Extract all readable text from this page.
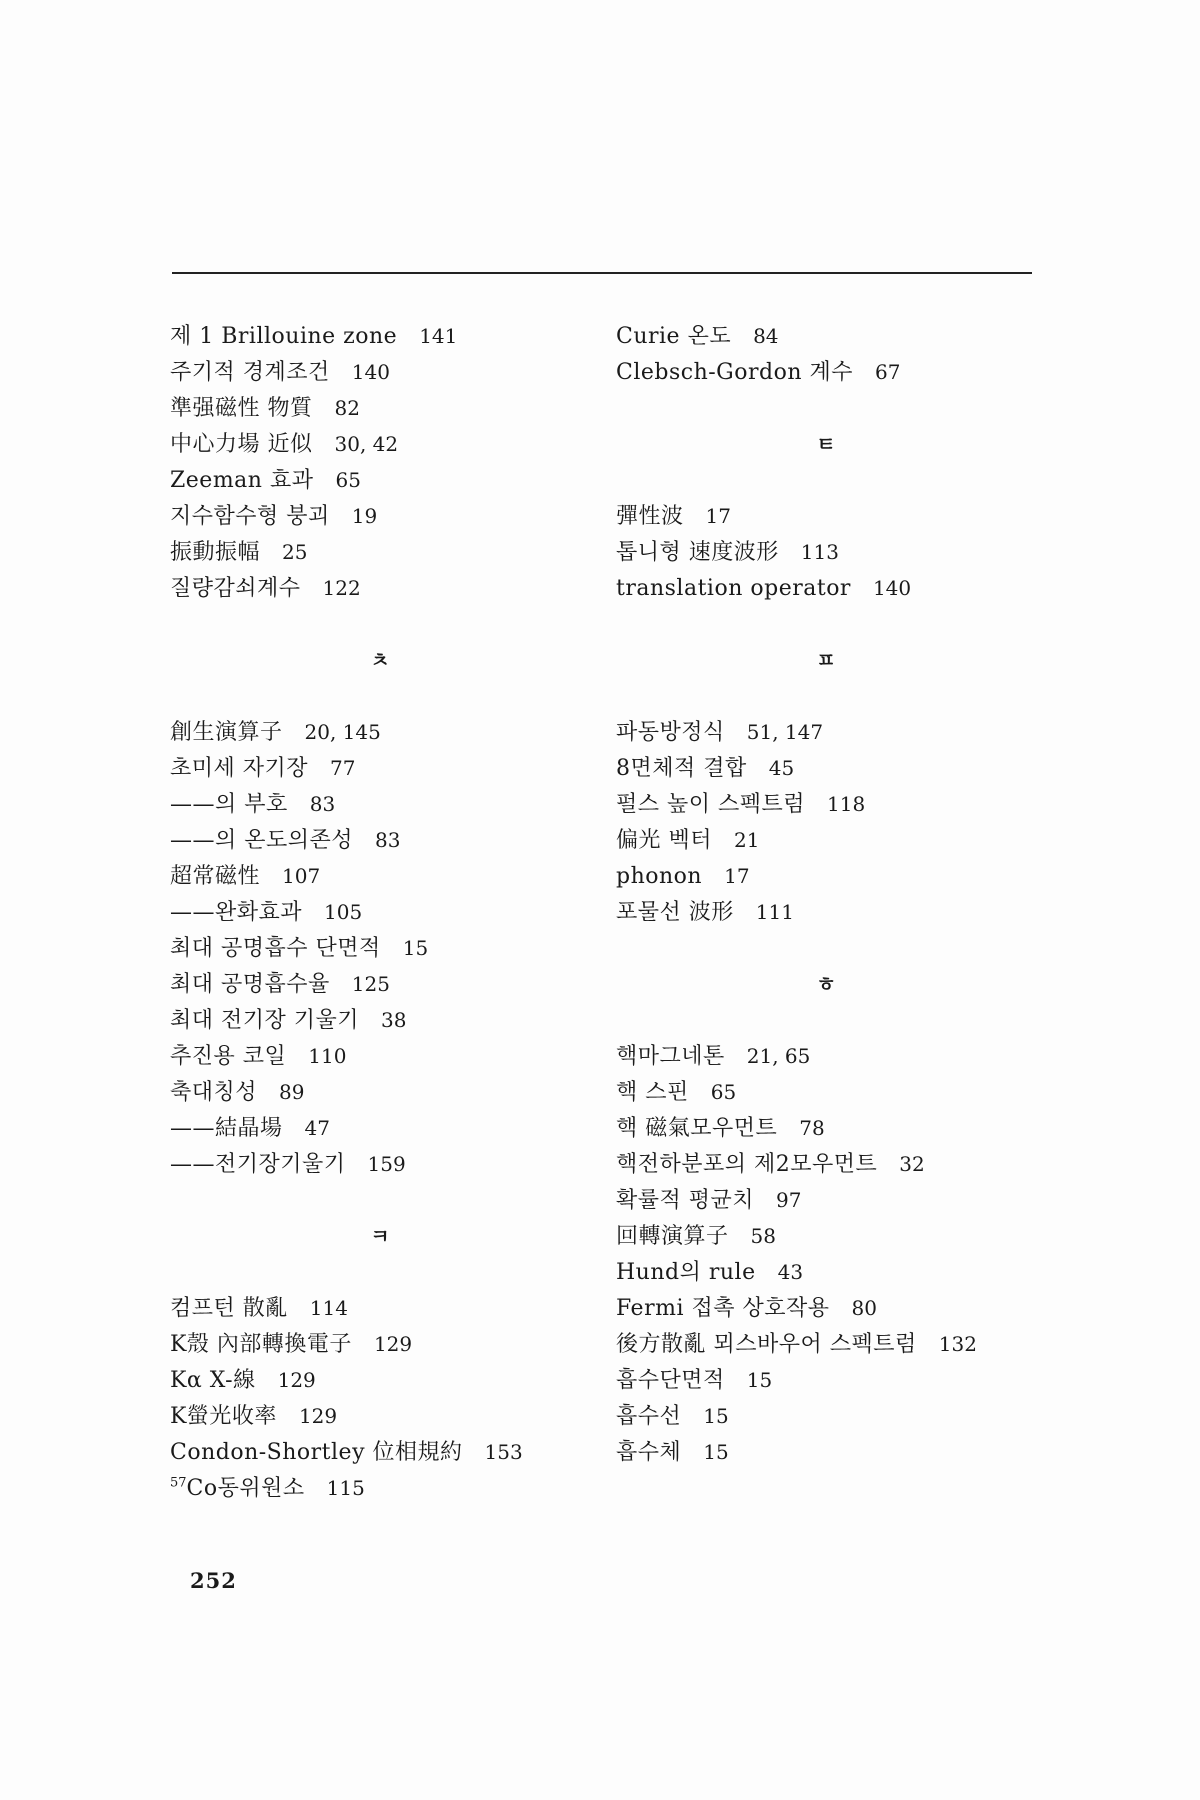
제 1 Brillouine zone 141
주기적 경계조건 140
準强磁性 物質 82
中心力場 近似 30, 42
Zeeman 효과 65
지수함수형 붕괴 19
振動振幅 25
질량감쇠계수 122
ㅊ
創生演算子 20, 145
초미세 자기장 77
——의 부호 83
——의 온도의존성 83
超常磁性 107
——완화효과 105
최대 공명흡수 단면적 15
최대 공명흡수율 125
최대 전기장 기울기 38
추진용 코일 110
축대칭성 89
——結晶場 47
——전기장기울기 159
ㅋ
컴프턴 散亂 114
K殼 內部轉換電子 129
Kα X-線 129
K螢光收率 129
Condon-Shortley 位相規約 153
$^{57}$Co동위원소 115
Curie 온도 84
Clebsch-Gordon 계수 67
ㅌ
彈性波 17
톱니형 速度波形 113
translation operator 140
ㅍ
파동방정식 51, 147
8면체적 결합 45
펄스 높이 스펙트럼 118
偏光 벡터 21
phonon 17
포물선 波形 111
ㅎ
핵마그네톤 21, 65
핵 스핀 65
핵 磁氣모우먼트 78
핵전하분포의 제2모우먼트 32
확률적 평균치 97
回轉演算子 58
Hund의 rule 43
Fermi 접촉 상호작용 80
後方散亂 뫼스바우어 스펙트럼 132
흡수단면적 15
흡수선 15
흡수체 15
252
